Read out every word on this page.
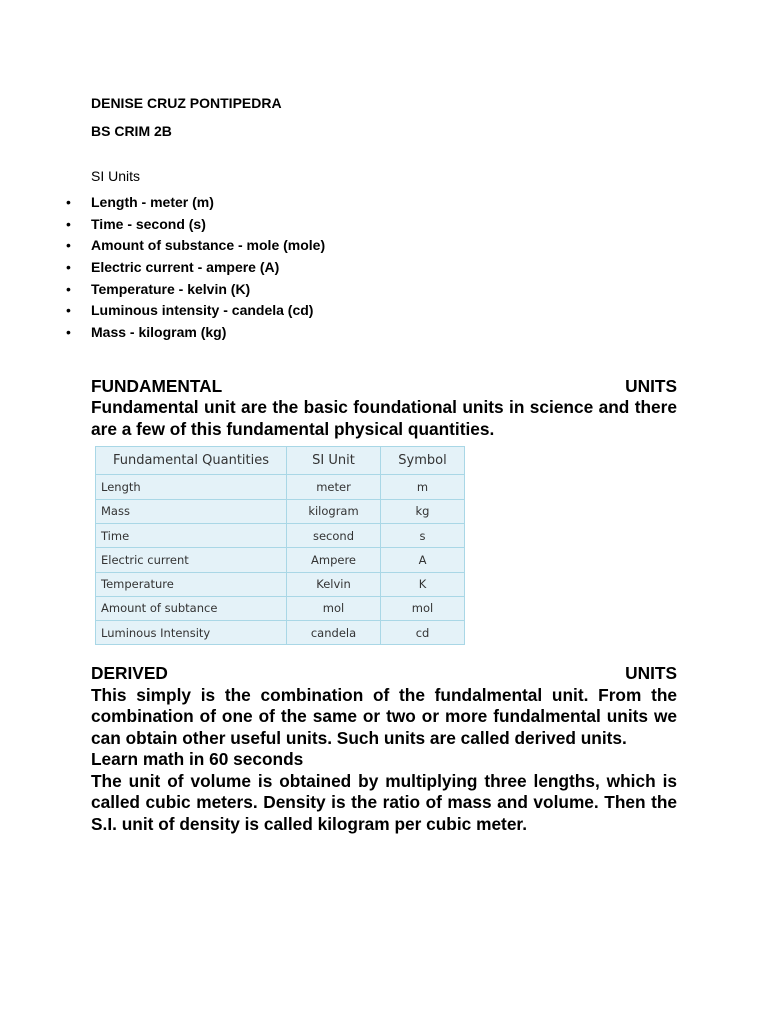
DENISE CRUZ PONTIPEDRA

BS CRIM 2B

SI Units

• Length - meter (m)
• Time - second (s)
• Amount of substance - mole (mole)
• Electric current - ampere (A)
• Temperature - kelvin (K)
• Luminous intensity - candela (cd)
• Mass - kilogram (kg)
FUNDAMENTAL	UNITS

Fundamental unit are the basic foundational units in science and there are a few of this fundamental physical quantities.

Fundamental Quantities	SI Unit	Symbol
Length	meter	m
Mass	kilogram	kg
Time	second	s
Electric current	Ampere	A
Temperature	Kelvin	K
Amount of subtance	mol	mol
Luminous Intensity	candela	cd
DERIVED	UNITS

This simply is the combination of the fundalmental unit. From the combination of one of the same or two or more fundalmental units we can obtain other useful units. Such units are called derived units.

Learn math in 60 seconds

The unit of volume is obtained by multiplying three lengths, which is called cubic meters. Density is the ratio of mass and volume. Then the S.I. unit of density is called kilogram per cubic meter.
